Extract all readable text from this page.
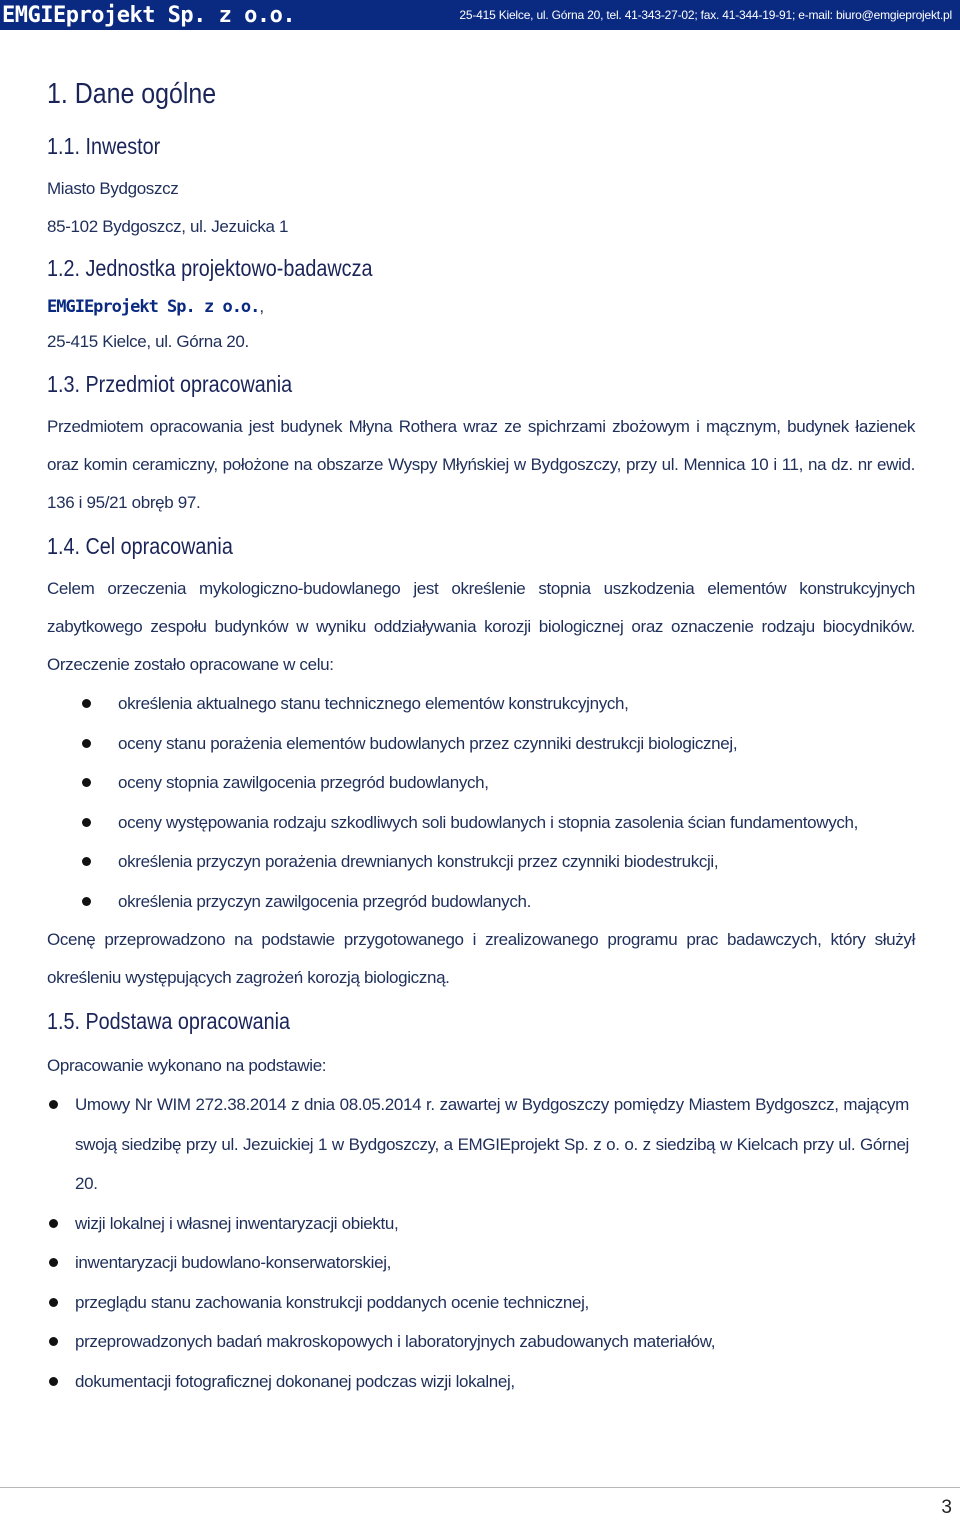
EMGIEprojekt Sp. z o.o.	25-415 Kielce, ul. Górna 20, tel. 41-343-27-02; fax. 41-344-19-91; e-mail: biuro@emgieprojekt.pl
1. Dane ogólne
1.1. Inwestor

Miasto Bydgoszcz

85-102 Bydgoszcz, ul. Jezuicka 1

1.2. Jednostka projektowo-badawcza

EMGIEprojekt Sp. z o.o.,

25-415 Kielce, ul. Górna 20.

1.3. Przedmiot opracowania

Przedmiotem opracowania jest budynek Młyna Rothera wraz ze spichrzami zbożowym i mącznym, budynek łazienek oraz komin ceramiczny, położone na obszarze Wyspy Młyńskiej w Bydgoszczy, przy ul. Mennica 10 i 11, na dz. nr ewid. 136 i 95/21 obręb 97.

1.4. Cel opracowania

Celem orzeczenia mykologiczno-budowlanego jest określenie stopnia uszkodzenia elementów konstrukcyjnych zabytkowego zespołu budynków w wyniku oddziaływania korozji biologicznej oraz oznaczenie rodzaju biocydników. Orzeczenie zostało opracowane w celu:

określenia aktualnego stanu technicznego elementów konstrukcyjnych,
oceny stanu porażenia elementów budowlanych przez czynniki destrukcji biologicznej,
oceny stopnia zawilgocenia przegród budowlanych,
oceny występowania rodzaju szkodliwych soli budowlanych i stopnia zasolenia ścian fundamentowych,
określenia przyczyn porażenia drewnianych konstrukcji przez czynniki biodestrukcji,
określenia przyczyn zawilgocenia przegród budowlanych.

Ocenę przeprowadzono na podstawie przygotowanego i zrealizowanego programu prac badawczych, który służył określeniu występujących zagrożeń korozją biologiczną.

1.5. Podstawa opracowania

Opracowanie wykonano na podstawie:

Umowy Nr WIM 272.38.2014 z dnia 08.05.2014 r. zawartej w Bydgoszczy pomiędzy Miastem Bydgoszcz, mającym swoją siedzibę przy ul. Jezuickiej 1 w Bydgoszczy, a EMGIEprojekt Sp. z o. o. z siedzibą w Kielcach przy ul. Górnej 20.
wizji lokalnej i własnej inwentaryzacji obiektu,
inwentaryzacji budowlano-konserwatorskiej,
przeglądu stanu zachowania konstrukcji poddanych ocenie technicznej,
przeprowadzonych badań makroskopowych i laboratoryjnych zabudowanych materiałów,
dokumentacji fotograficznej dokonanej podczas wizji lokalnej,
3
